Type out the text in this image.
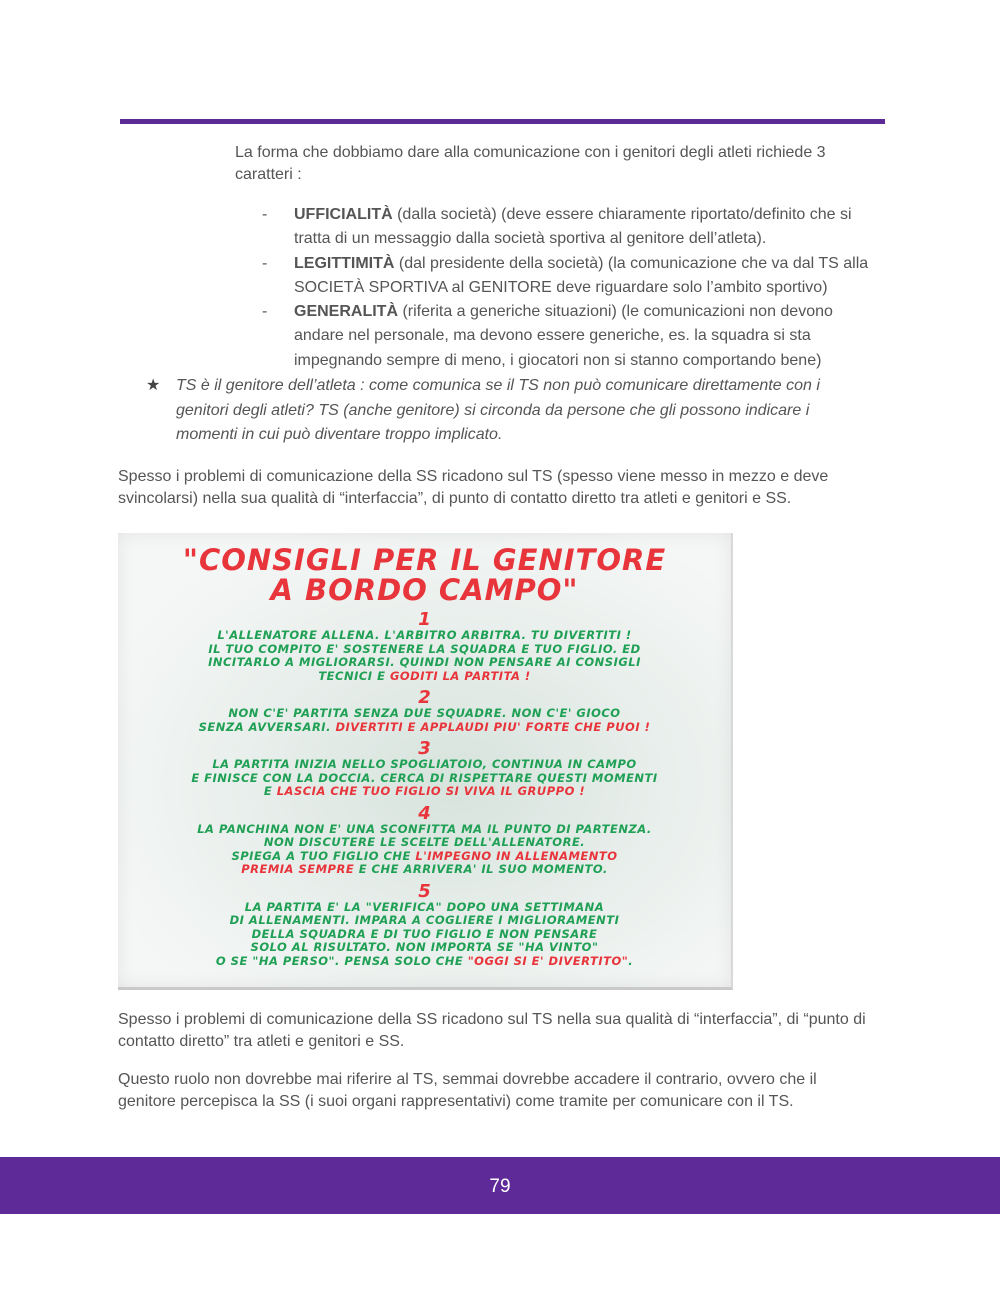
La forma che dobbiamo dare alla comunicazione con i genitori degli atleti richiede 3 caratteri :
-	UFFICIALITÀ (dalla società) (deve essere chiaramente riportato/definito che si tratta di un messaggio dalla società sportiva al genitore dell’atleta).
-	LEGITTIMITÀ (dal presidente della società) (la comunicazione che va dal TS alla SOCIETÀ SPORTIVA al GENITORE deve riguardare solo l’ambito sportivo)
-	GENERALITÀ (riferita a generiche situazioni) (le comunicazioni non devono andare nel personale, ma devono essere generiche, es. la squadra si sta impegnando sempre di meno, i giocatori non si stanno comportando bene)
★ TS è il genitore dell’atleta : come comunica se il TS non può comunicare direttamente con i genitori degli atleti? TS (anche genitore) si circonda da persone che gli possono indicare i momenti in cui può diventare troppo implicato.
Spesso i problemi di comunicazione della SS ricadono sul TS (spesso viene messo in mezzo e deve svincolarsi) nella sua qualità di “interfaccia”, di punto di contatto diretto tra atleti e genitori e SS.
"CONSIGLI PER IL GENITORE
A BORDO CAMPO"
1
L'ALLENATORE ALLENA. L'ARBITRO ARBITRA. TU DIVERTITI !
IL TUO COMPITO E' SOSTENERE LA SQUADRA E TUO FIGLIO. ED
INCITARLO A MIGLIORARSI. QUINDI NON PENSARE AI CONSIGLI
TECNICI E GODITI LA PARTITA !
2
NON C'E' PARTITA SENZA DUE SQUADRE. NON C'E' GIOCO
SENZA AVVERSARI. DIVERTITI E APPLAUDI PIU' FORTE CHE PUOI !
3
LA PARTITA INIZIA NELLO SPOGLIATOIO, CONTINUA IN CAMPO
E FINISCE CON LA DOCCIA. CERCA DI RISPETTARE QUESTI MOMENTI
E LASCIA CHE TUO FIGLIO SI VIVA IL GRUPPO !
4
LA PANCHINA NON E' UNA SCONFITTA MA IL PUNTO DI PARTENZA.
NON DISCUTERE LE SCELTE DELL'ALLENATORE.
SPIEGA A TUO FIGLIO CHE L'IMPEGNO IN ALLENAMENTO
PREMIA SEMPRE E CHE ARRIVERA' IL SUO MOMENTO.
5
LA PARTITA E' LA "VERIFICA" DOPO UNA SETTIMANA
DI ALLENAMENTI. IMPARA A COGLIERE I MIGLIORAMENTI
DELLA SQUADRA E DI TUO FIGLIO E NON PENSARE
SOLO AL RISULTATO. NON IMPORTA SE "HA VINTO"
O SE "HA PERSO". PENSA SOLO CHE "OGGI SI E' DIVERTITO".
Spesso i problemi di comunicazione della SS ricadono sul TS nella sua qualità di “interfaccia”, di “punto di contatto diretto” tra atleti e genitori e SS.
Questo ruolo non dovrebbe mai riferire al TS, semmai dovrebbe accadere il contrario, ovvero che il genitore percepisca la SS (i suoi organi rappresentativi) come tramite per comunicare con il TS.
79
